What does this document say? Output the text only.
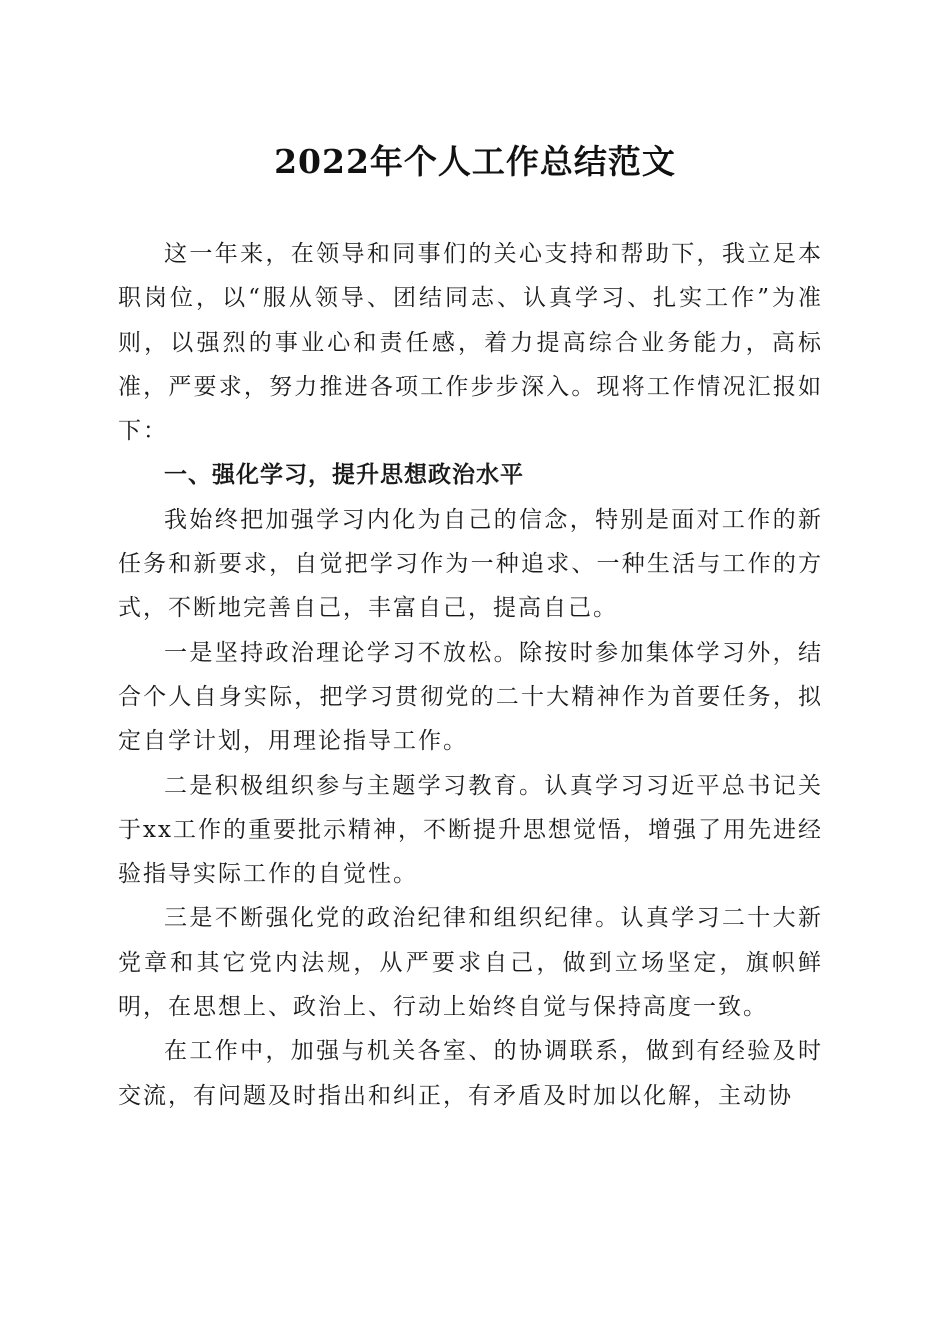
2022年个人工作总结范文

这一年来，在领导和同事们的关心支持和帮助下，我立足本职岗位，以“服从领导、团结同志、认真学习、扎实工作”为准则，以强烈的事业心和责任感，着力提高综合业务能力，高标准，严要求，努力推进各项工作步步深入。现将工作情况汇报如下：

一、强化学习，提升思想政治水平

我始终把加强学习内化为自己的信念，特别是面对工作的新任务和新要求，自觉把学习作为一种追求、一种生活与工作的方式，不断地完善自己，丰富自己，提高自己。

一是坚持政治理论学习不放松。除按时参加集体学习外，结合个人自身实际，把学习贯彻党的二十大精神作为首要任务，拟定自学计划，用理论指导工作。

二是积极组织参与主题学习教育。认真学习习近平总书记关于xx工作的重要批示精神，不断提升思想觉悟，增强了用先进经验指导实际工作的自觉性。

三是不断强化党的政治纪律和组织纪律。认真学习二十大新党章和其它党内法规，从严要求自己，做到立场坚定，旗帜鲜明，在思想上、政治上、行动上始终自觉与保持高度一致。

在工作中，加强与机关各室、的协调联系，做到有经验及时交流，有问题及时指出和纠正，有矛盾及时加以化解，主动协
